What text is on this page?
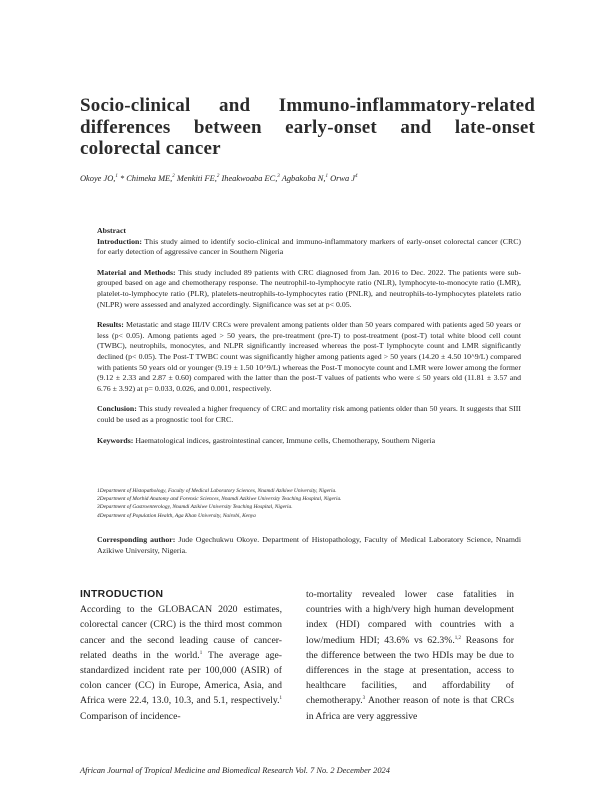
Socio-clinical and Immuno-inflammatory-related differences between early-onset and late-onset colorectal cancer
Okoye JO,$^1$ * Chimeka ME,$^2$ Menkiti FE,$^2$ Iheakwoaba EC,$^3$ Agbakoba N,$^1$ Orwa $J^4$

Abstract

Introduction: This study aimed to identify socio-clinical and immuno-inflammatory markers of early-onset colorectal cancer (CRC) for early detection of aggressive cancer in Southern Nigeria

Material and Methods: This study included 89 patients with CRC diagnosed from Jan. 2016 to Dec. 2022. The patients were sub-grouped based on age and chemotherapy response. The neutrophil-to-lymphocyte ratio (NLR), lymphocyte-to-monocyte ratio (LMR), platelet-to-lymphocyte ratio (PLR), platelets-neutrophils-to-lymphocytes ratio (PNLR), and neutrophils-to-lymphocytes platelets ratio (NLPR) were assessed and analyzed accordingly. Significance was set at p< 0.05.

Results: Metastatic and stage III/IV CRCs were prevalent among patients older than 50 years compared with patients aged 50 years or less (p< 0.05). Among patients aged > 50 years, the pre-treatment (pre-T) to post-treatment (post-T) total white blood cell count (TWBC), neutrophils, monocytes, and NLPR significantly increased whereas the post-T lymphocyte count and LMR significantly declined (p< 0.05). The Post-T TWBC count was significantly higher among patients aged > 50 years (14.20 ± 4.50 10^9/L) compared with patients 50 years old or younger (9.19 ± 1.50 10^9/L) whereas the Post-T monocyte count and LMR were lower among the former (9.12 ± 2.33 and 2.87 ± 0.60) compared with the latter than the post-T values of patients who were ≤ 50 years old (11.81 ± 3.57 and 6.76 ± 3.92) at p= 0.033, 0.026, and 0.001, respectively.

Conclusion: This study revealed a higher frequency of CRC and mortality risk among patients older than 50 years. It suggests that SIII could be used as a prognostic tool for CRC.

Keywords: Haematological indices, gastrointestinal cancer, Immune cells, Chemotherapy, Southern Nigeria

1Department of Histopathology, Faculty of Medical Laboratory Sciences, Nnamdi Azikiwe University, Nigeria.
2Department of Morbid Anatomy and Forensic Sciences, Nnamdi Azikiwe University Teaching Hospital, Nigeria.
3Department of Gastroenterology, Nnamdi Azikiwe University Teaching Hospital, Nigeria.
4Department of Population Health, Aga Khan University, Nairobi, Kenya
Corresponding author: Jude Ogechukwu Okoye. Department of Histopathology, Faculty of Medical Laboratory Science, Nnamdi Azikiwe University, Nigeria.
INTRODUCTION

According to the GLOBACAN 2020 estimates, colorectal cancer (CRC) is the third most common cancer and the second leading cause of cancer-related deaths in the world.$^1$ The average age-standardized incident rate per 100,000 (ASIR) of colon cancer (CC) in Europe, America, Asia, and Africa were 22.4, 13.0, 10.3, and 5.1, respectively.$^1$ Comparison of incidence-

to-mortality revealed lower case fatalities in countries with a high/very high human development index (HDI) compared with countries with a low/medium HDI; 43.6% vs 62.3%.$^{1,2}$ Reasons for the difference between the two HDIs may be due to differences in the stage at presentation, access to healthcare facilities, and affordability of chemotherapy.$^3$ Another reason of note is that CRCs in Africa are very aggressive

African Journal of Tropical Medicine and Biomedical Research Vol. 7 No. 2 December 2024
